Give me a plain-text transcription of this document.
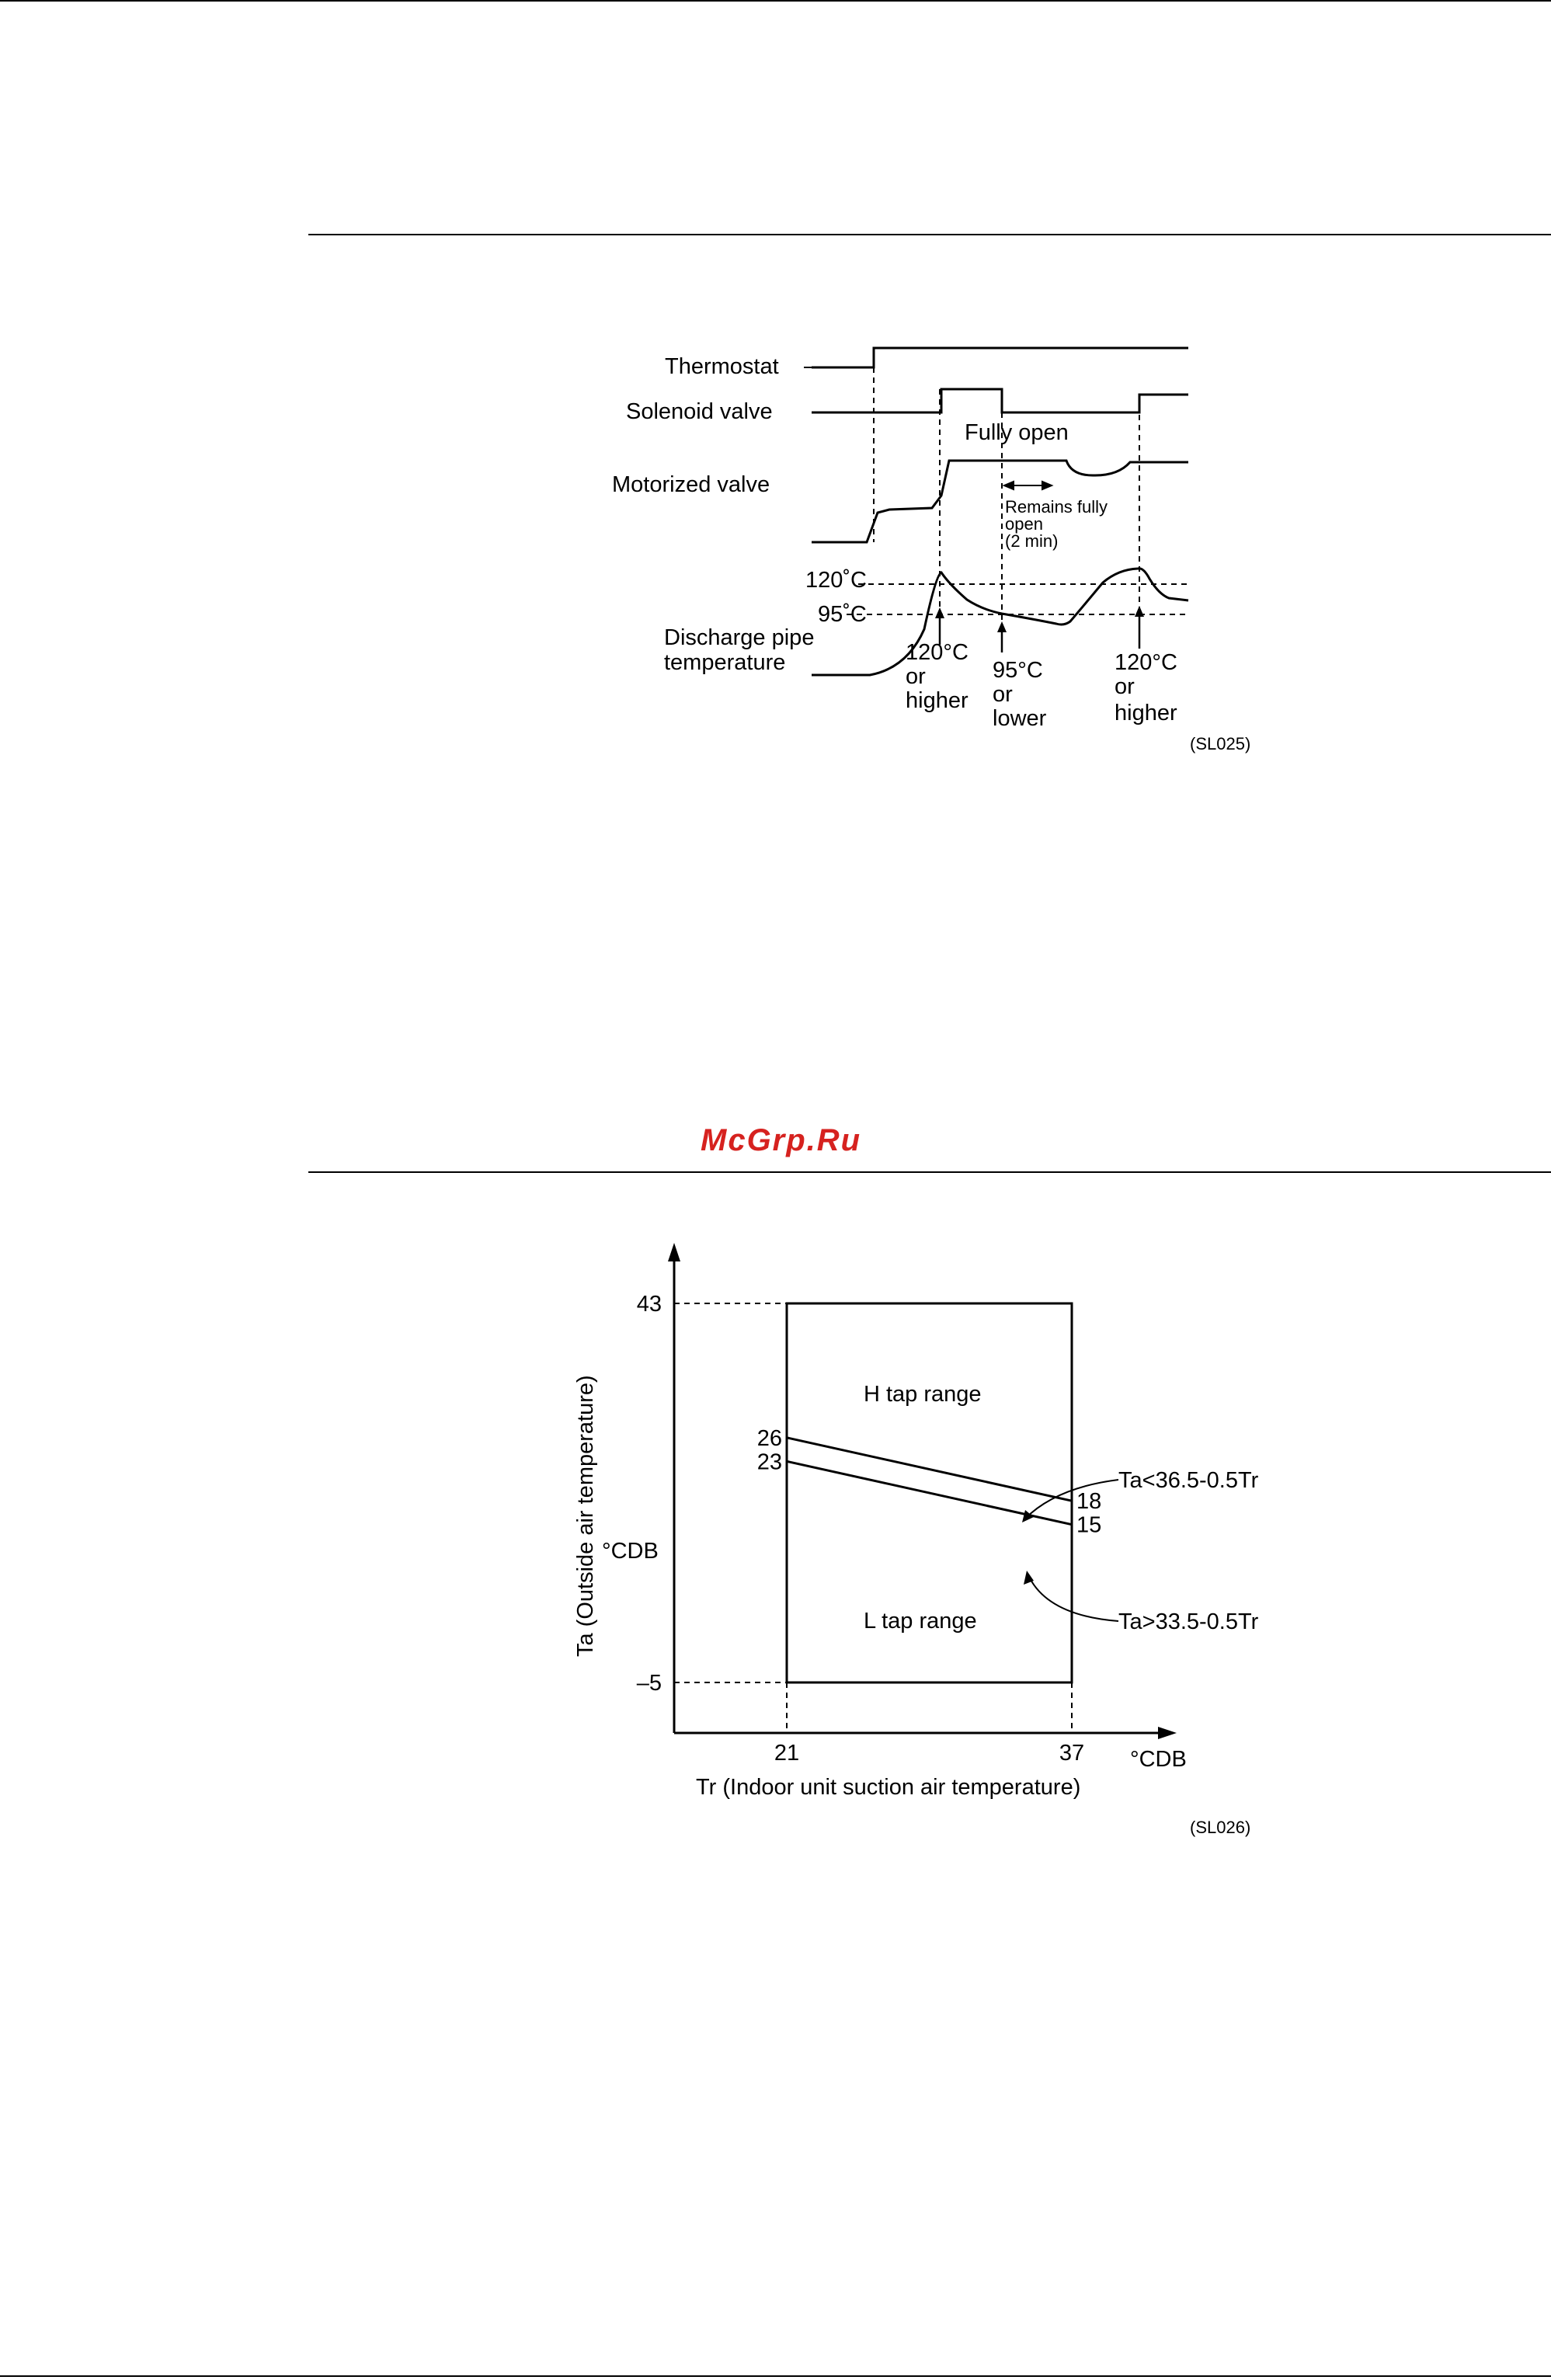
McGrp.Ru
Thermostat
Solenoid valve
Motorized valve
Fully open
120˚C
95˚C
Discharge pipe
temperature	120°C
or
higher
95°C
or
lower
120°C
or
higher
Remains fully
open
(2 min)
(SL025)
43
–5
21	37
26
18
23
15
Ta<36.5-0.5Tr
Ta>33.5-0.5Tr
Ta (Outside air temperature) °CDB
Tr (Indoor unit suction air temperature)
°CDB
H tap range
L tap range
(SL026)
